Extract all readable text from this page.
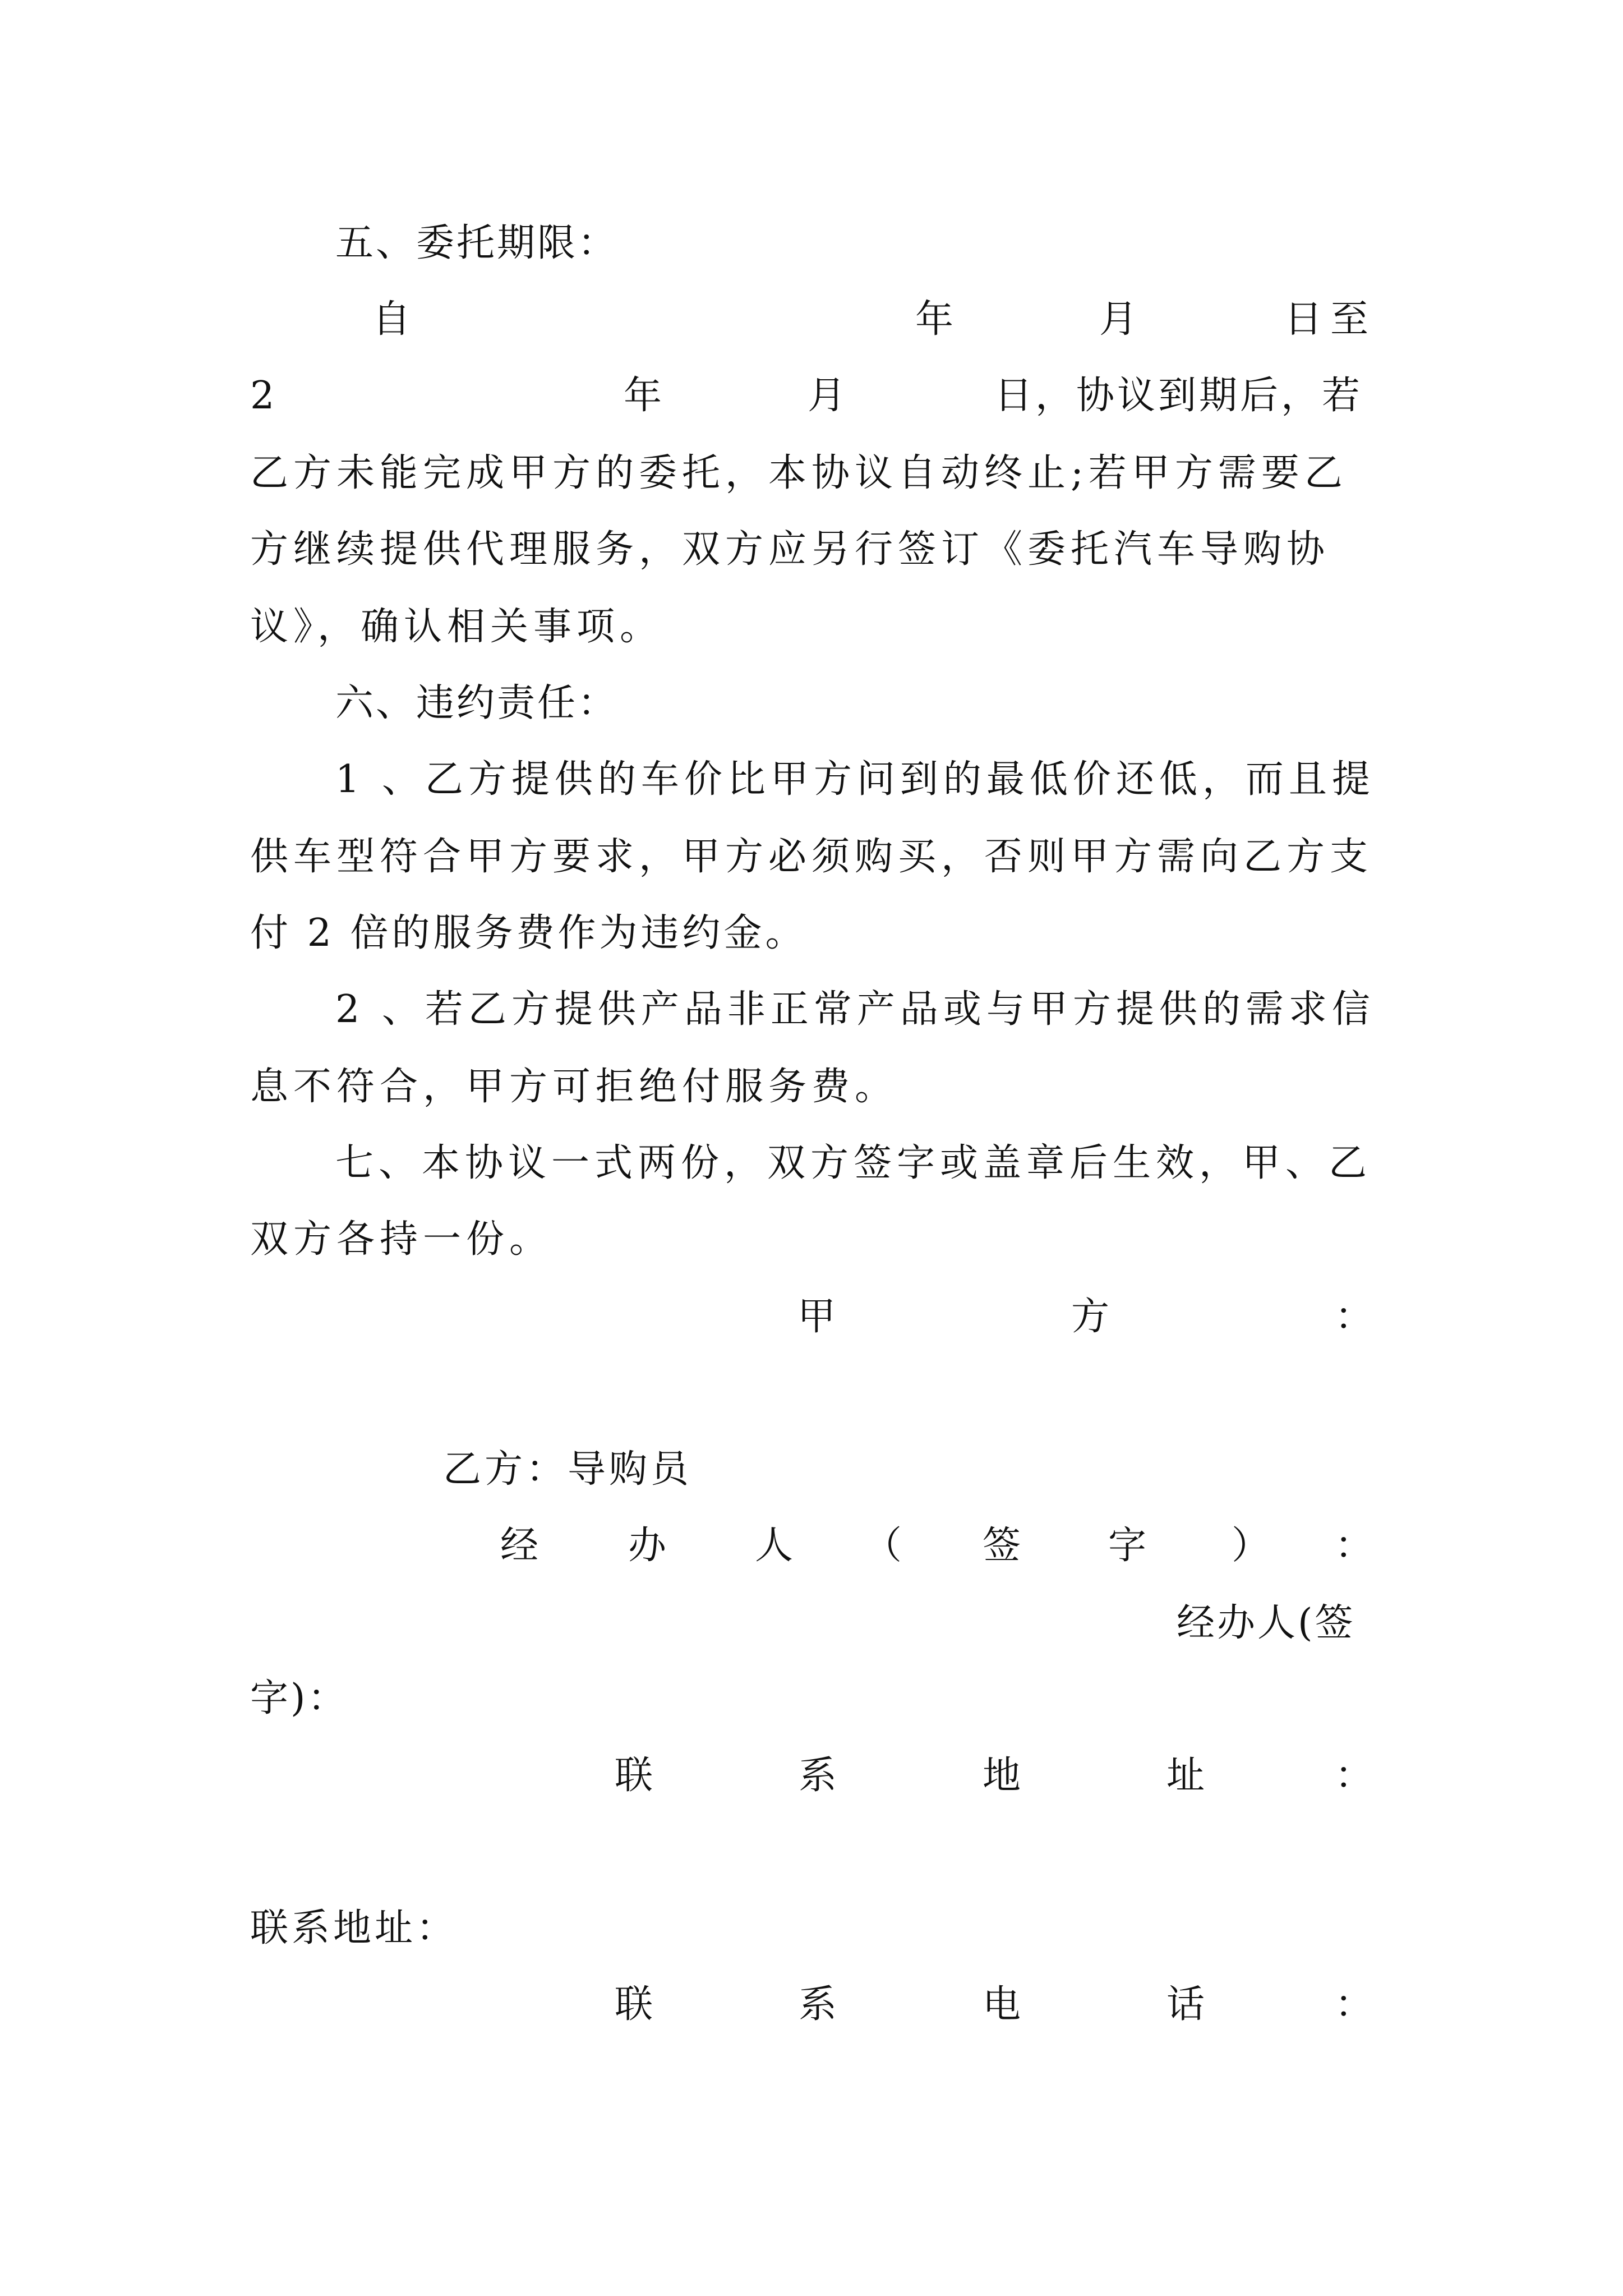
五、委托期限：
自	年	月	日至
2	年	月	日，协议到期后，若
乙方未能完成甲方的委托，本协议自动终止;若甲方需要乙
方继续提供代理服务，双方应另行签订《委托汽车导购协
议》，确认相关事项。
六、违约责任：
1 、乙方提供的车价比甲方问到的最低价还低，而且提
供车型符合甲方要求，甲方必须购买，否则甲方需向乙方支
付 2 倍的服务费作为违约金。
2 、若乙方提供产品非正常产品或与甲方提供的需求信
息不符合，甲方可拒绝付服务费。
七、本协议一式两份，双方签字或盖章后生效，甲、乙
双方各持一份。
甲	方	：
乙方：导购员
经 办 人 （ 签 字 ） ：
经办人(签
字)：
联	系	地	址	：
联系地址：
联	系	电	话	：
